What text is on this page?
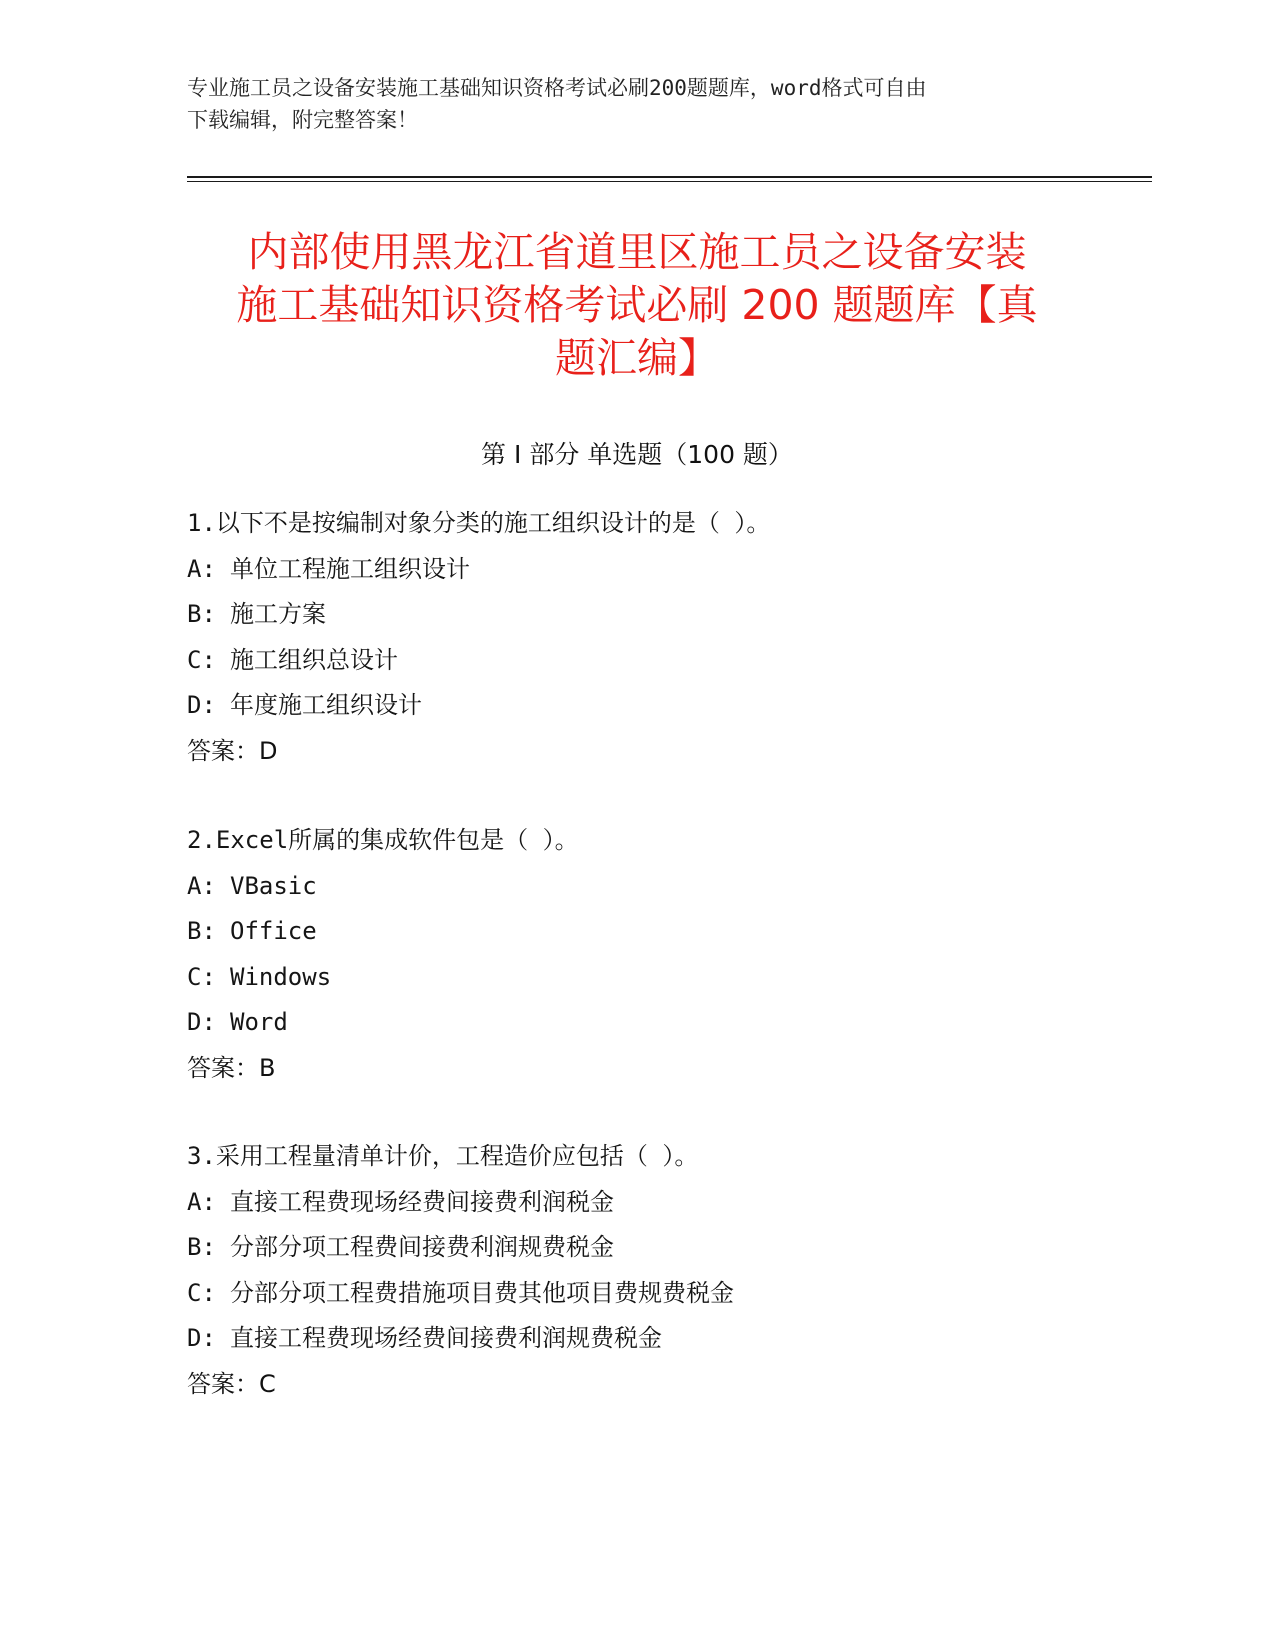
专业施工员之设备安装施工基础知识资格考试必刷200题题库，word格式可自由

下载编辑，附完整答案！

内部使用黑龙江省道里区施工员之设备安装

施工基础知识资格考试必刷 200 题题库【真

题汇编】

第 I 部分 单选题（100 题）
1.以下不是按编制对象分类的施工组织设计的是（ ）。
A: 单位工程施工组织设计
B: 施工方案
C: 施工组织总设计
D: 年度施工组织设计
答案：D
2.Excel所属的集成软件包是（ ）。
A: VBasic
B: Office
C: Windows
D: Word
答案：B
3.采用工程量清单计价，工程造价应包括（ ）。
A: 直接工程费现场经费间接费利润税金
B: 分部分项工程费间接费利润规费税金
C: 分部分项工程费措施项目费其他项目费规费税金
D: 直接工程费现场经费间接费利润规费税金
答案：C
